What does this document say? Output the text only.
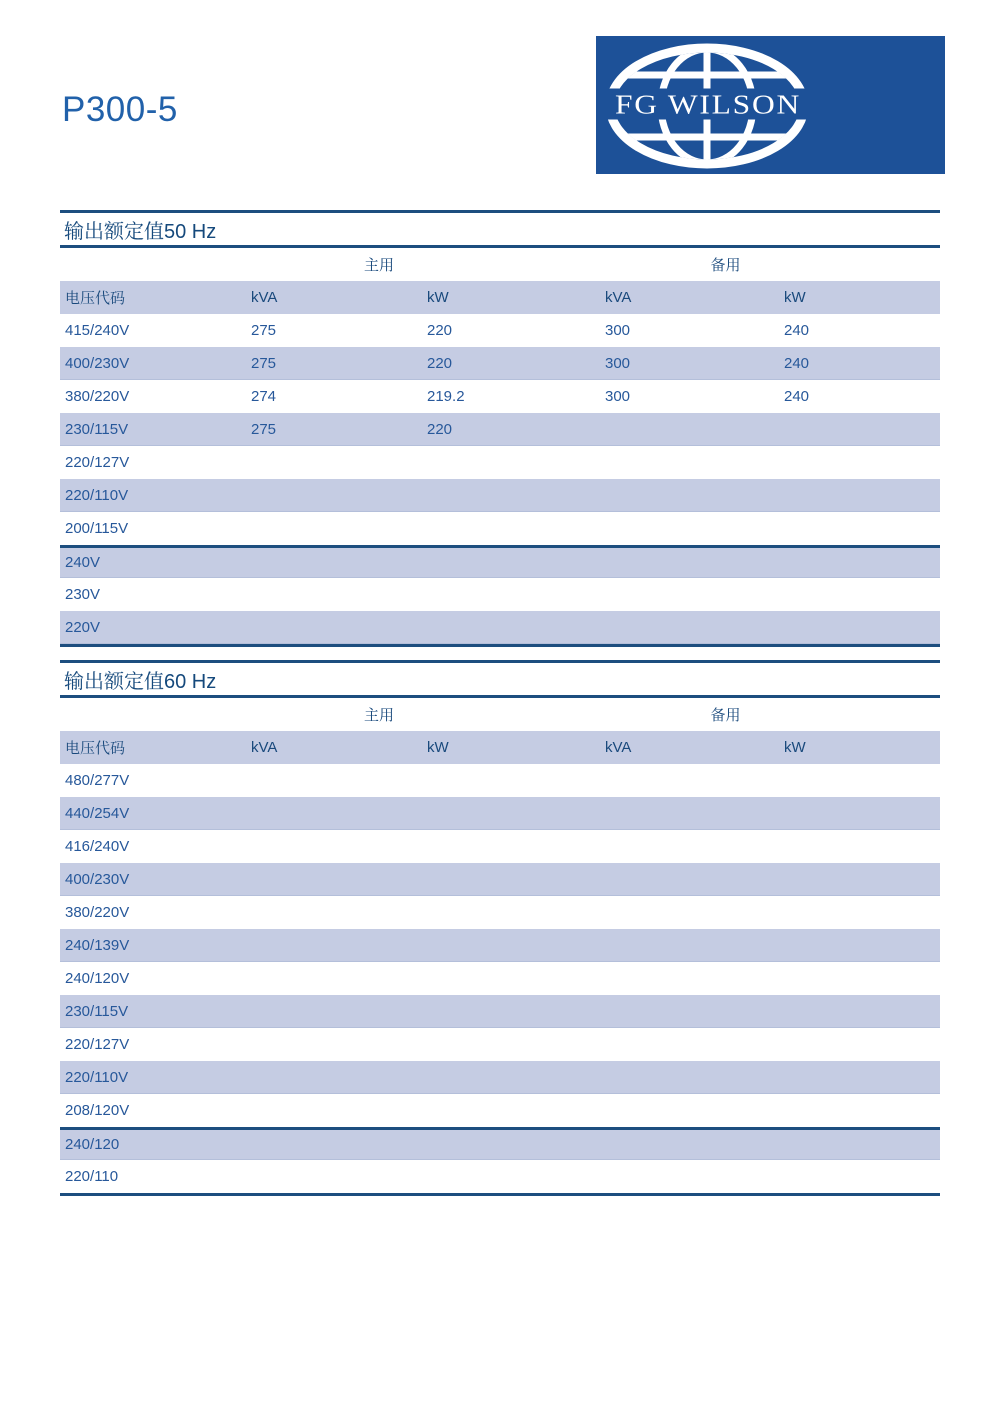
P300-5	FG WILSON
输出额定值50 Hz
主用	备用
电压代码	kVA	kW	kVA	kW
415/240V	275	220	300	240
400/230V	275	220	300	240
380/220V	274	219.2	300	240
230/115V	275	220
220/127V
220/110V
200/115V
240V
230V
220V
输出额定值60 Hz
主用	备用
电压代码	kVA	kW	kVA	kW
480/277V
440/254V
416/240V
400/230V
380/220V
240/139V
240/120V
230/115V
220/127V
220/110V
208/120V
240/120
220/110
